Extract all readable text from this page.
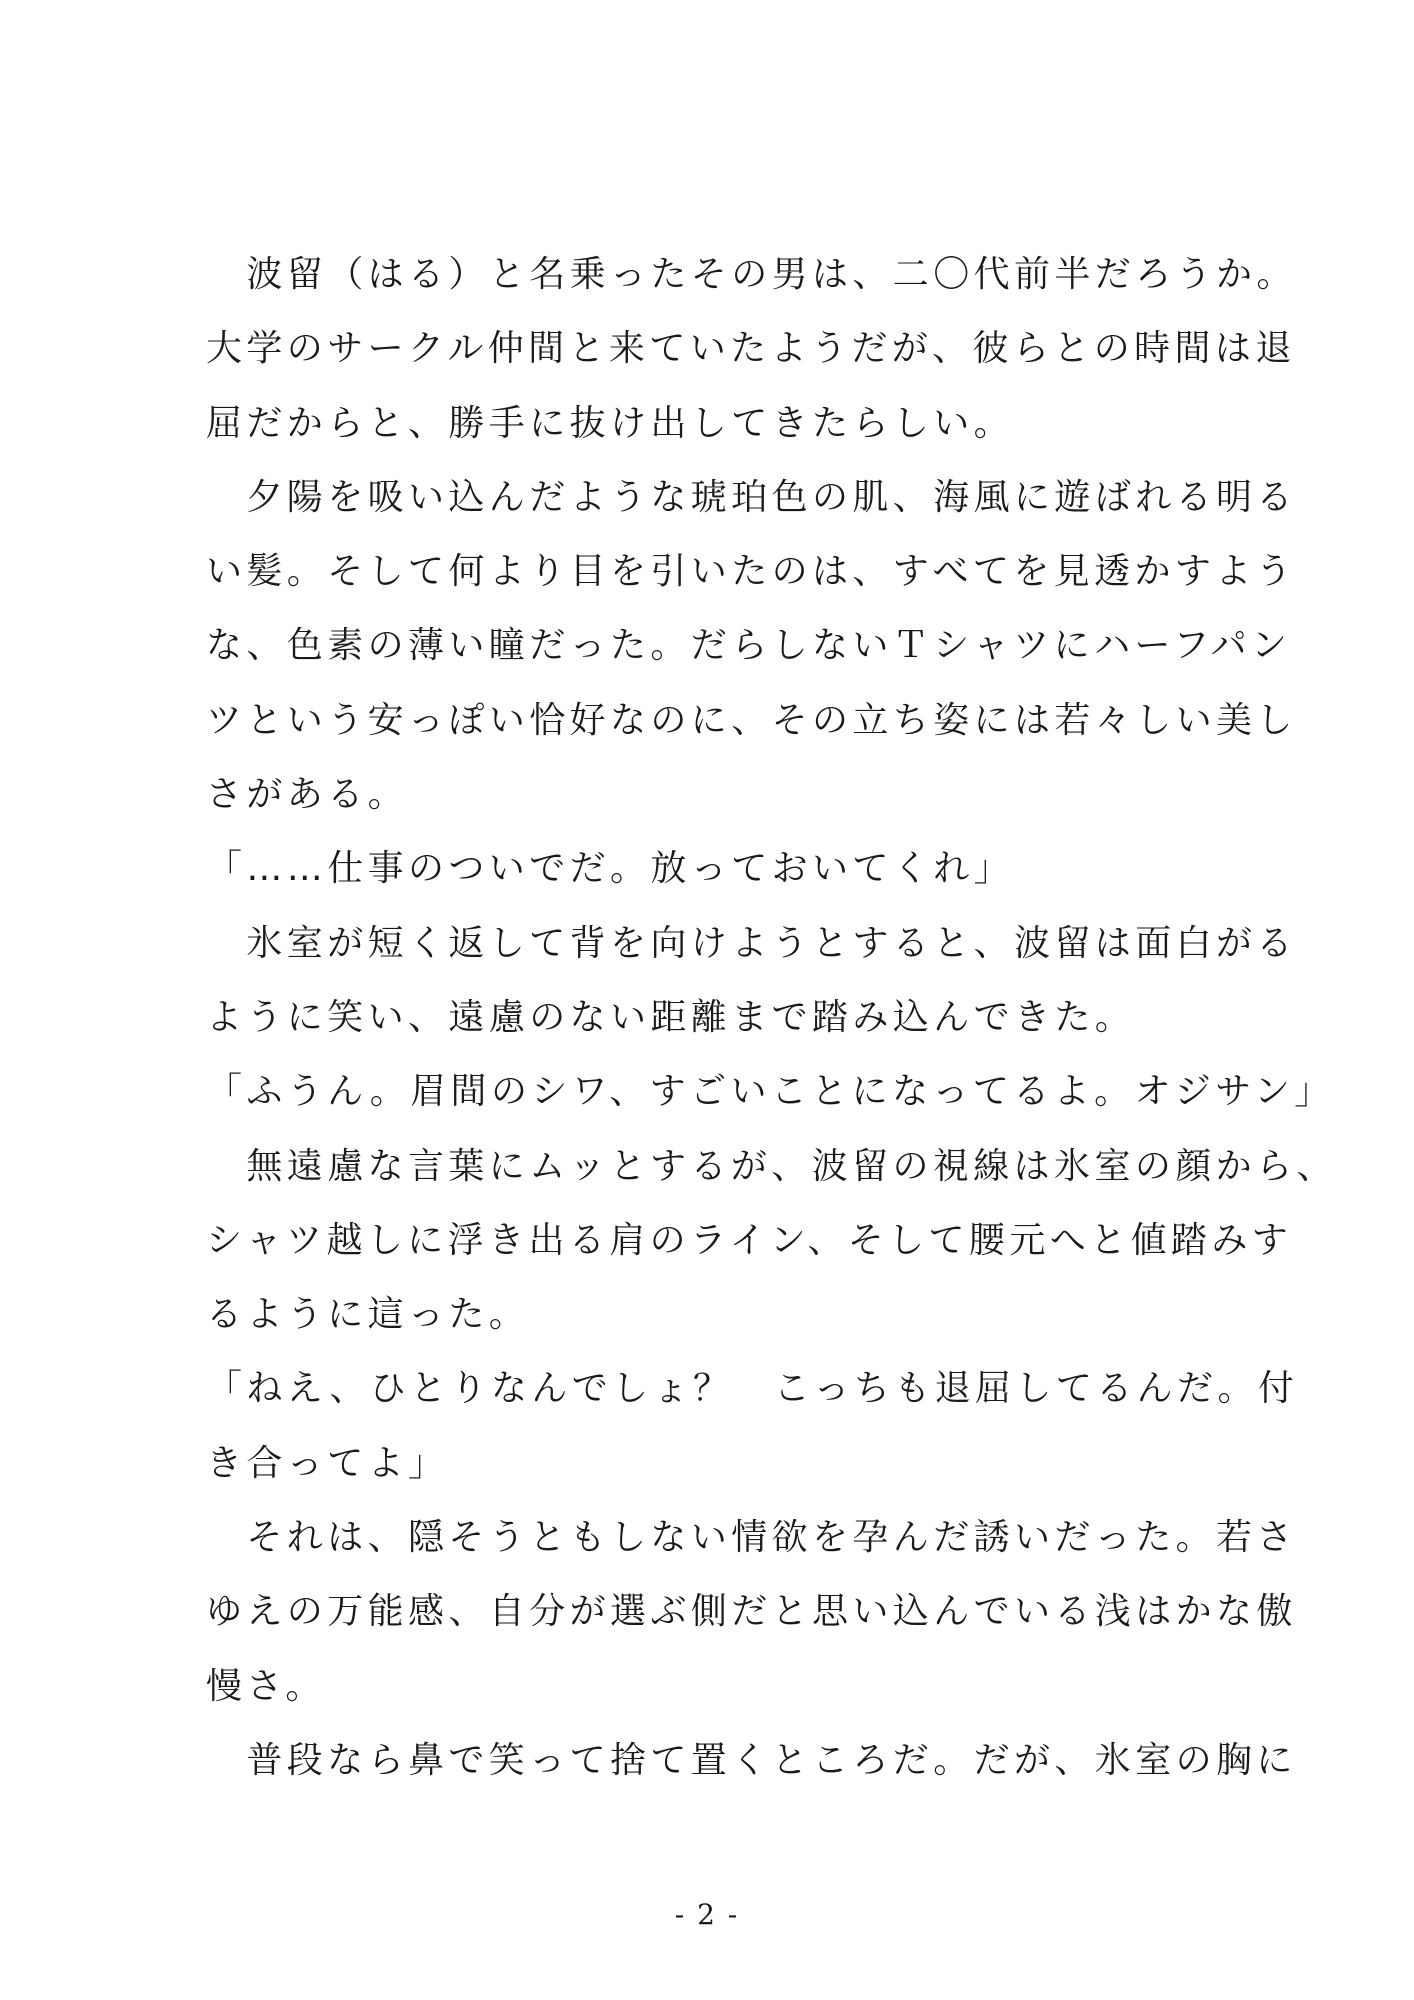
　波留（はる）と名乗ったその男は、二〇代前半だろうか。
大学のサークル仲間と来ていたようだが、彼らとの時間は退
屈だからと、勝手に抜け出してきたらしい。
　夕陽を吸い込んだような琥珀色の肌、海風に遊ばれる明る
い髪。そして何より目を引いたのは、すべてを見透かすよう
な、色素の薄い瞳だった。だらしないＴシャツにハーフパン
ツという安っぽい恰好なのに、その立ち姿には若々しい美し
さがある。
「……仕事のついでだ。放っておいてくれ」
　氷室が短く返して背を向けようとすると、波留は面白がる
ように笑い、遠慮のない距離まで踏み込んできた。
「ふうん。眉間のシワ、すごいことになってるよ。オジサン」
　無遠慮な言葉にムッとするが、波留の視線は氷室の顔から、
シャツ越しに浮き出る肩のライン、そして腰元へと値踏みす
るように這った。
「ねえ、ひとりなんでしょ？　こっちも退屈してるんだ。付
き合ってよ」
　それは、隠そうともしない情欲を孕んだ誘いだった。若さ
ゆえの万能感、自分が選ぶ側だと思い込んでいる浅はかな傲
慢さ。
　普段なら鼻で笑って捨て置くところだ。だが、氷室の胸に
- 2 -
